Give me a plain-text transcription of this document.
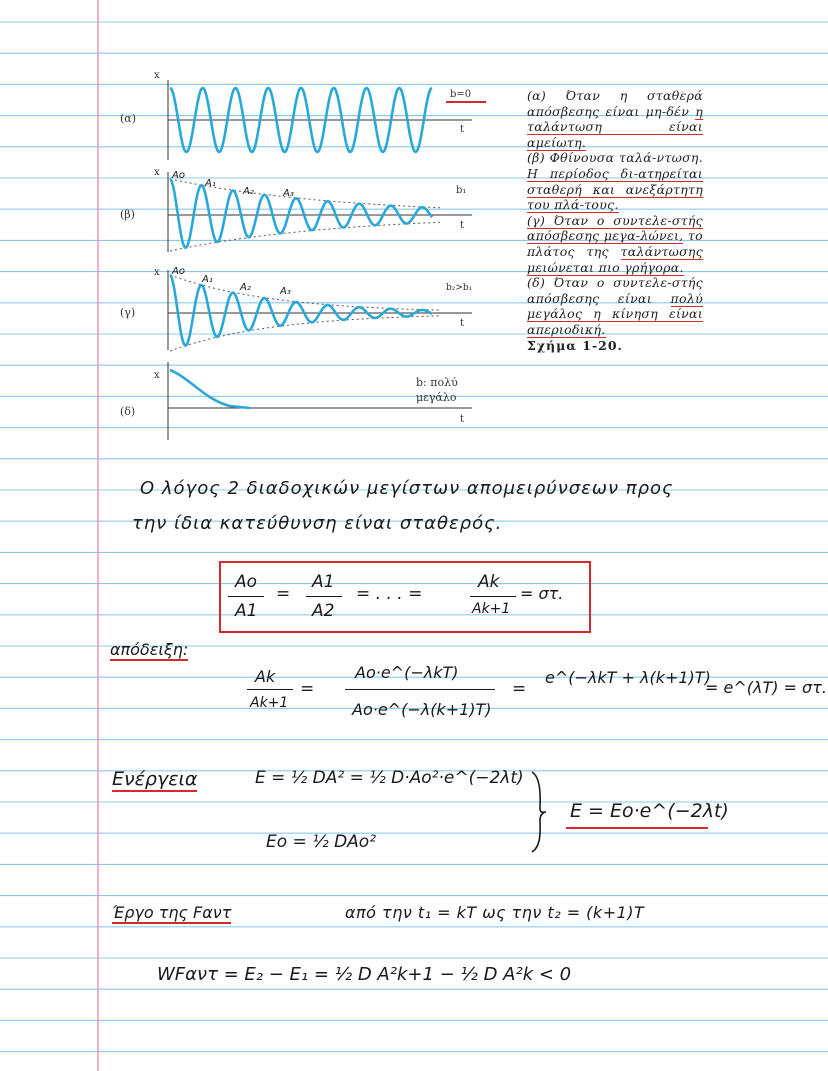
(α)
x
t
b=0
(β)
x
t
b₁
Ao
A₁
A₂	A₃
(γ)
x
t
b₂>b₁
Ao
A₁
A₂	A₃
(δ)
x
t
b: πολύ
μεγάλο

(α) Όταν η σταθερά απόσβεσης είναι μη-δέν η ταλάντωση είναι αμείωτη.

(β) Φθίνουσα ταλά-ντωση. Η περίοδος δι-ατηρείται σταθερή και ανεξάρτητη του πλά-τους.

(γ) Όταν ο συντελε-στής απόσβεσης μεγα-λώνει, το πλάτος της ταλάντωσης μειώνεται πιο γρήγορα.

(δ) Όταν ο συντελε-στής απόσβεσης είναι πολύ μεγάλος η κίνηση είναι απεριοδική.

Σχήμα 1-20.

Ο λόγος 2 διαδοχικών μεγίστων απομειρύνσεων προς
την ίδια κατεύθυνση είναι σταθερός.
Ao
A1
=
A1
A2
= . . . =
Ak
Ak+1
= στ.
απόδειξη:
Ak
Ak+1
=
Ao·e^(−λkT)
Ao·e^(−λ(k+1)T)
=
e^(−λkT + λ(k+1)T)
= e^(λT) = στ.
Ενέργεια	E = ½ DA² = ½ D·Ao²·e^(−2λt)
Eo = ½ DAo²
E = Eo·e^(−2λt)
Έργο της Fαντ	από την t₁ = kT ως την t₂ = (k+1)T
WFαντ = E₂ − E₁ = ½ D A²k+1 − ½ D A²k < 0
